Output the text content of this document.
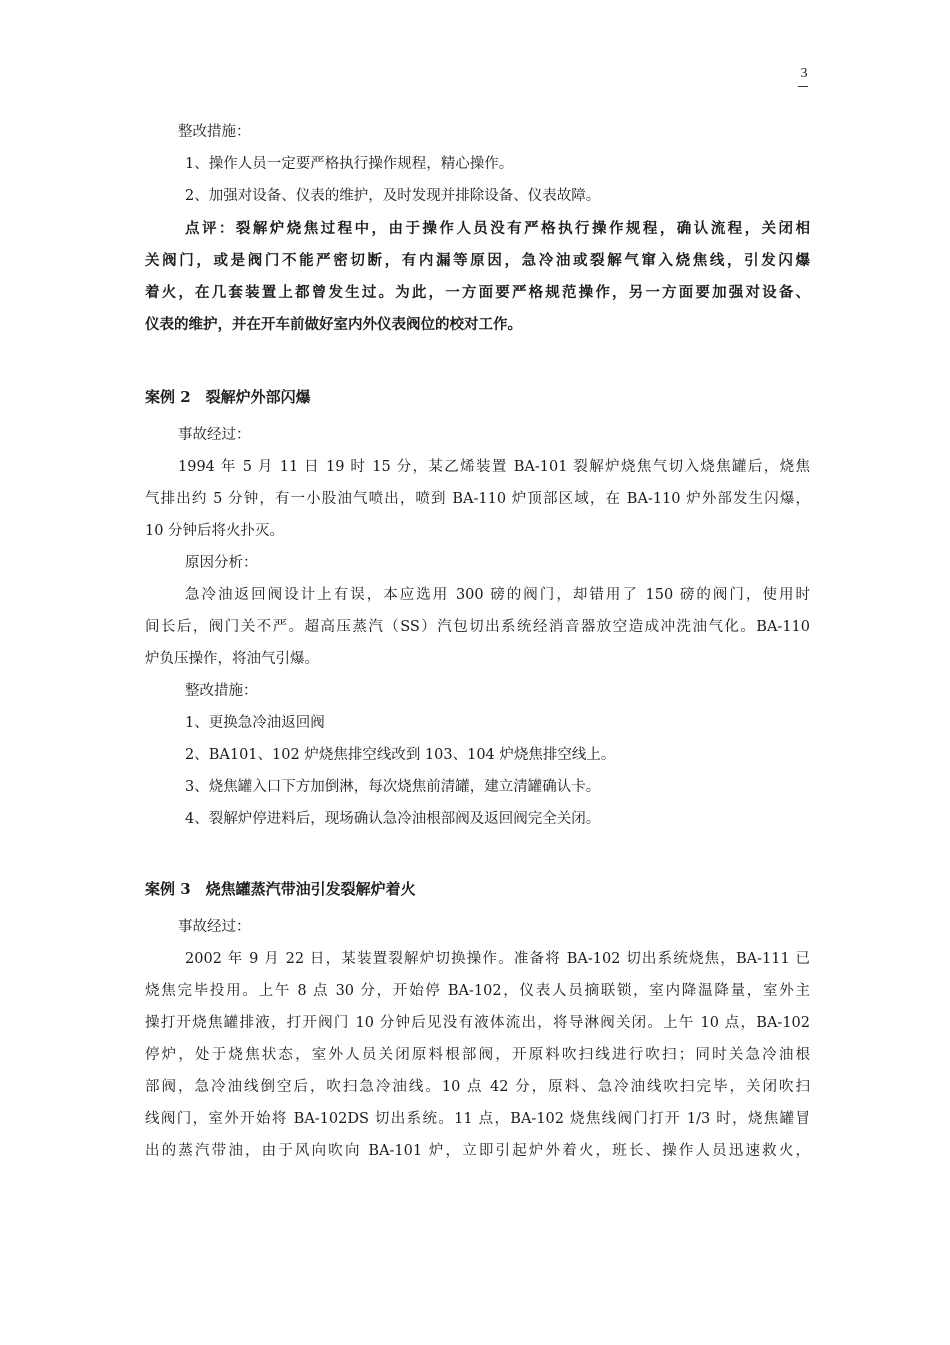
3

整改措施：

1、操作人员一定要严格执行操作规程，精心操作。

2、加强对设备、仪表的维护，及时发现并排除设备、仪表故障。

点评：裂解炉烧焦过程中，由于操作人员没有严格执行操作规程，确认流程，关闭相

关阀门，或是阀门不能严密切断，有内漏等原因，急冷油或裂解气窜入烧焦线，引发闪爆

着火，在几套装置上都曾发生过。为此，一方面要严格规范操作，另一方面要加强对设备、

仪表的维护，并在开车前做好室内外仪表阀位的校对工作。

案例 2　裂解炉外部闪爆

事故经过：

1994 年 5 月 11 日 19 时 15 分，某乙烯装置 BA-101 裂解炉烧焦气切入烧焦罐后，烧焦

气排出约 5 分钟，有一小股油气喷出，喷到 BA-110 炉顶部区域，在 BA-110 炉外部发生闪爆，

10 分钟后将火扑灭。

原因分析：

急冷油返回阀设计上有误，本应选用 300 磅的阀门，却错用了 150 磅的阀门，使用时

间长后，阀门关不严。超高压蒸汽（SS）汽包切出系统经消音器放空造成冲洗油气化。BA-110

炉负压操作，将油气引爆。

整改措施：

1、更换急冷油返回阀

2、BA101、102 炉烧焦排空线改到 103、104 炉烧焦排空线上。

3、烧焦罐入口下方加倒淋，每次烧焦前清罐，建立清罐确认卡。

4、裂解炉停进料后，现场确认急冷油根部阀及返回阀完全关闭。

案例 3　烧焦罐蒸汽带油引发裂解炉着火

事故经过：

2002 年 9 月 22 日，某装置裂解炉切换操作。准备将 BA-102 切出系统烧焦，BA-111 已

烧焦完毕投用。上午 8 点 30 分，开始停 BA-102，仪表人员摘联锁，室内降温降量，室外主

操打开烧焦罐排液，打开阀门 10 分钟后见没有液体流出，将导淋阀关闭。上午 10 点，BA-102

停炉，处于烧焦状态，室外人员关闭原料根部阀，开原料吹扫线进行吹扫；同时关急冷油根

部阀，急冷油线倒空后，吹扫急冷油线。10 点 42 分，原料、急冷油线吹扫完毕，关闭吹扫

线阀门，室外开始将 BA-102DS 切出系统。11 点，BA-102 烧焦线阀门打开 1/3 时，烧焦罐冒

出的蒸汽带油，由于风向吹向 BA-101 炉，立即引起炉外着火，班长、操作人员迅速救火，
